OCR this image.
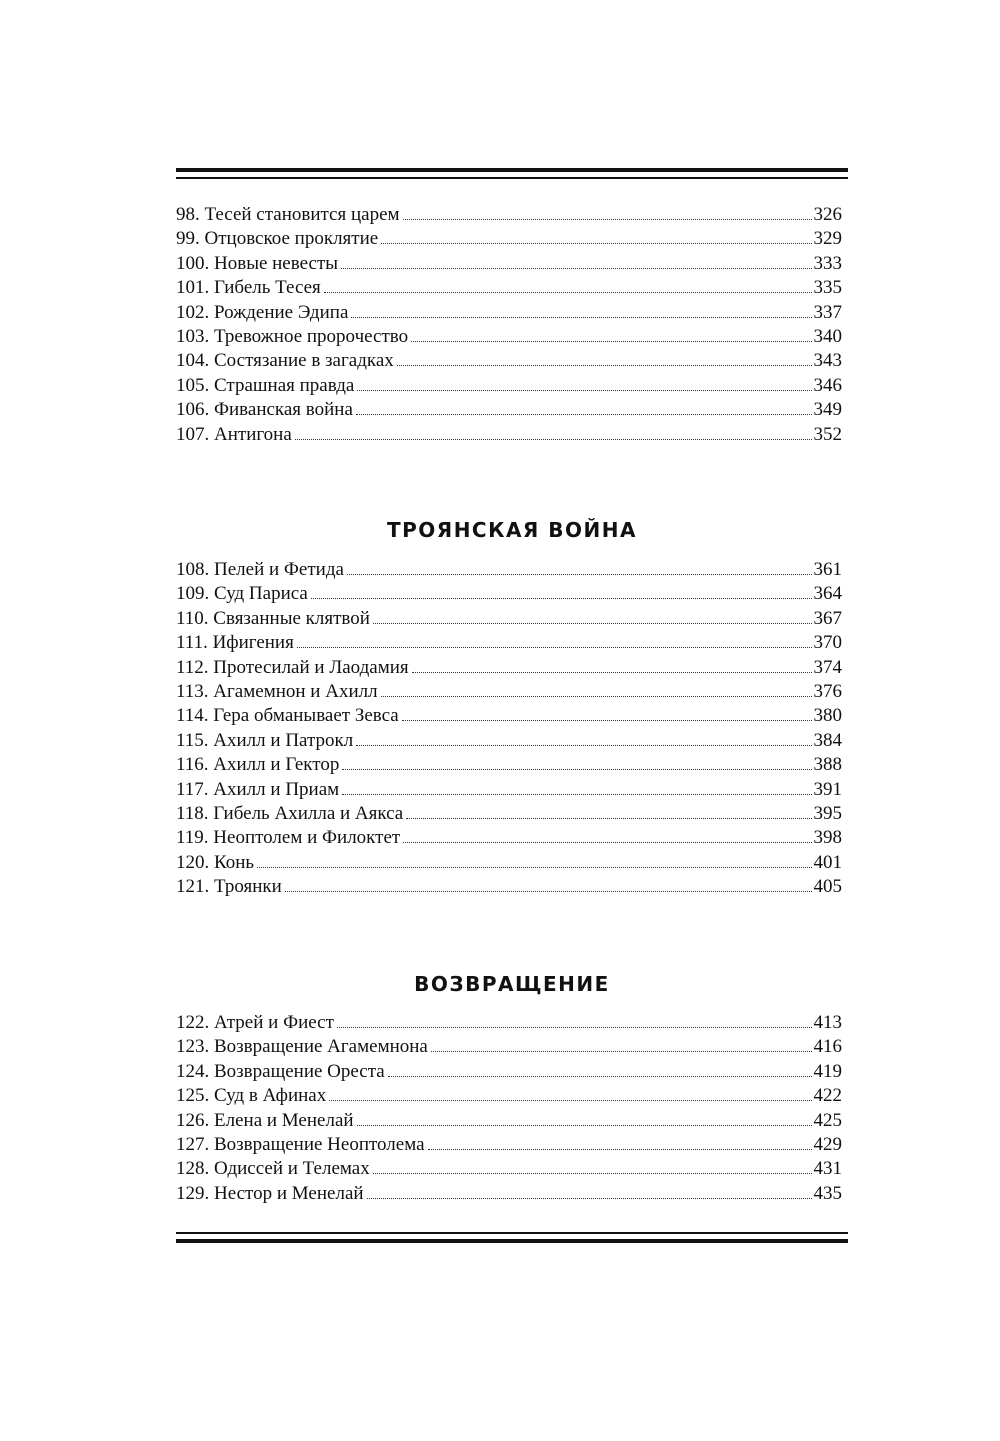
98. Тесей становится царем	326
99. Отцовское проклятие	329
100. Новые невесты	333
101. Гибель Тесея	335
102. Рождение Эдипа	337
103. Тревожное пророчество	340
104. Состязание в загадках	343
105. Страшная правда	346
106. Фиванская война	349
107. Антигона	352
ТРОЯНСКАЯ ВОЙНА
108. Пелей и Фетида	361
109. Суд Париса	364
110. Связанные клятвой	367
111. Ифигения	370
112. Протесилай и Лаодамия	374
113. Агамемнон и Ахилл	376
114. Гера обманывает Зевса	380
115. Ахилл и Патрокл	384
116. Ахилл и Гектор	388
117. Ахилл и Приам	391
118. Гибель Ахилла и Аякса	395
119. Неоптолем и Филоктет	398
120. Конь	401
121. Троянки	405
ВОЗВРАЩЕНИЕ
122. Атрей и Фиест	413
123. Возвращение Агамемнона	416
124. Возвращение Ореста	419
125. Суд в Афинах	422
126. Елена и Менелай	425
127. Возвращение Неоптолема	429
128. Одиссей и Телемах	431
129. Нестор и Менелай	435
